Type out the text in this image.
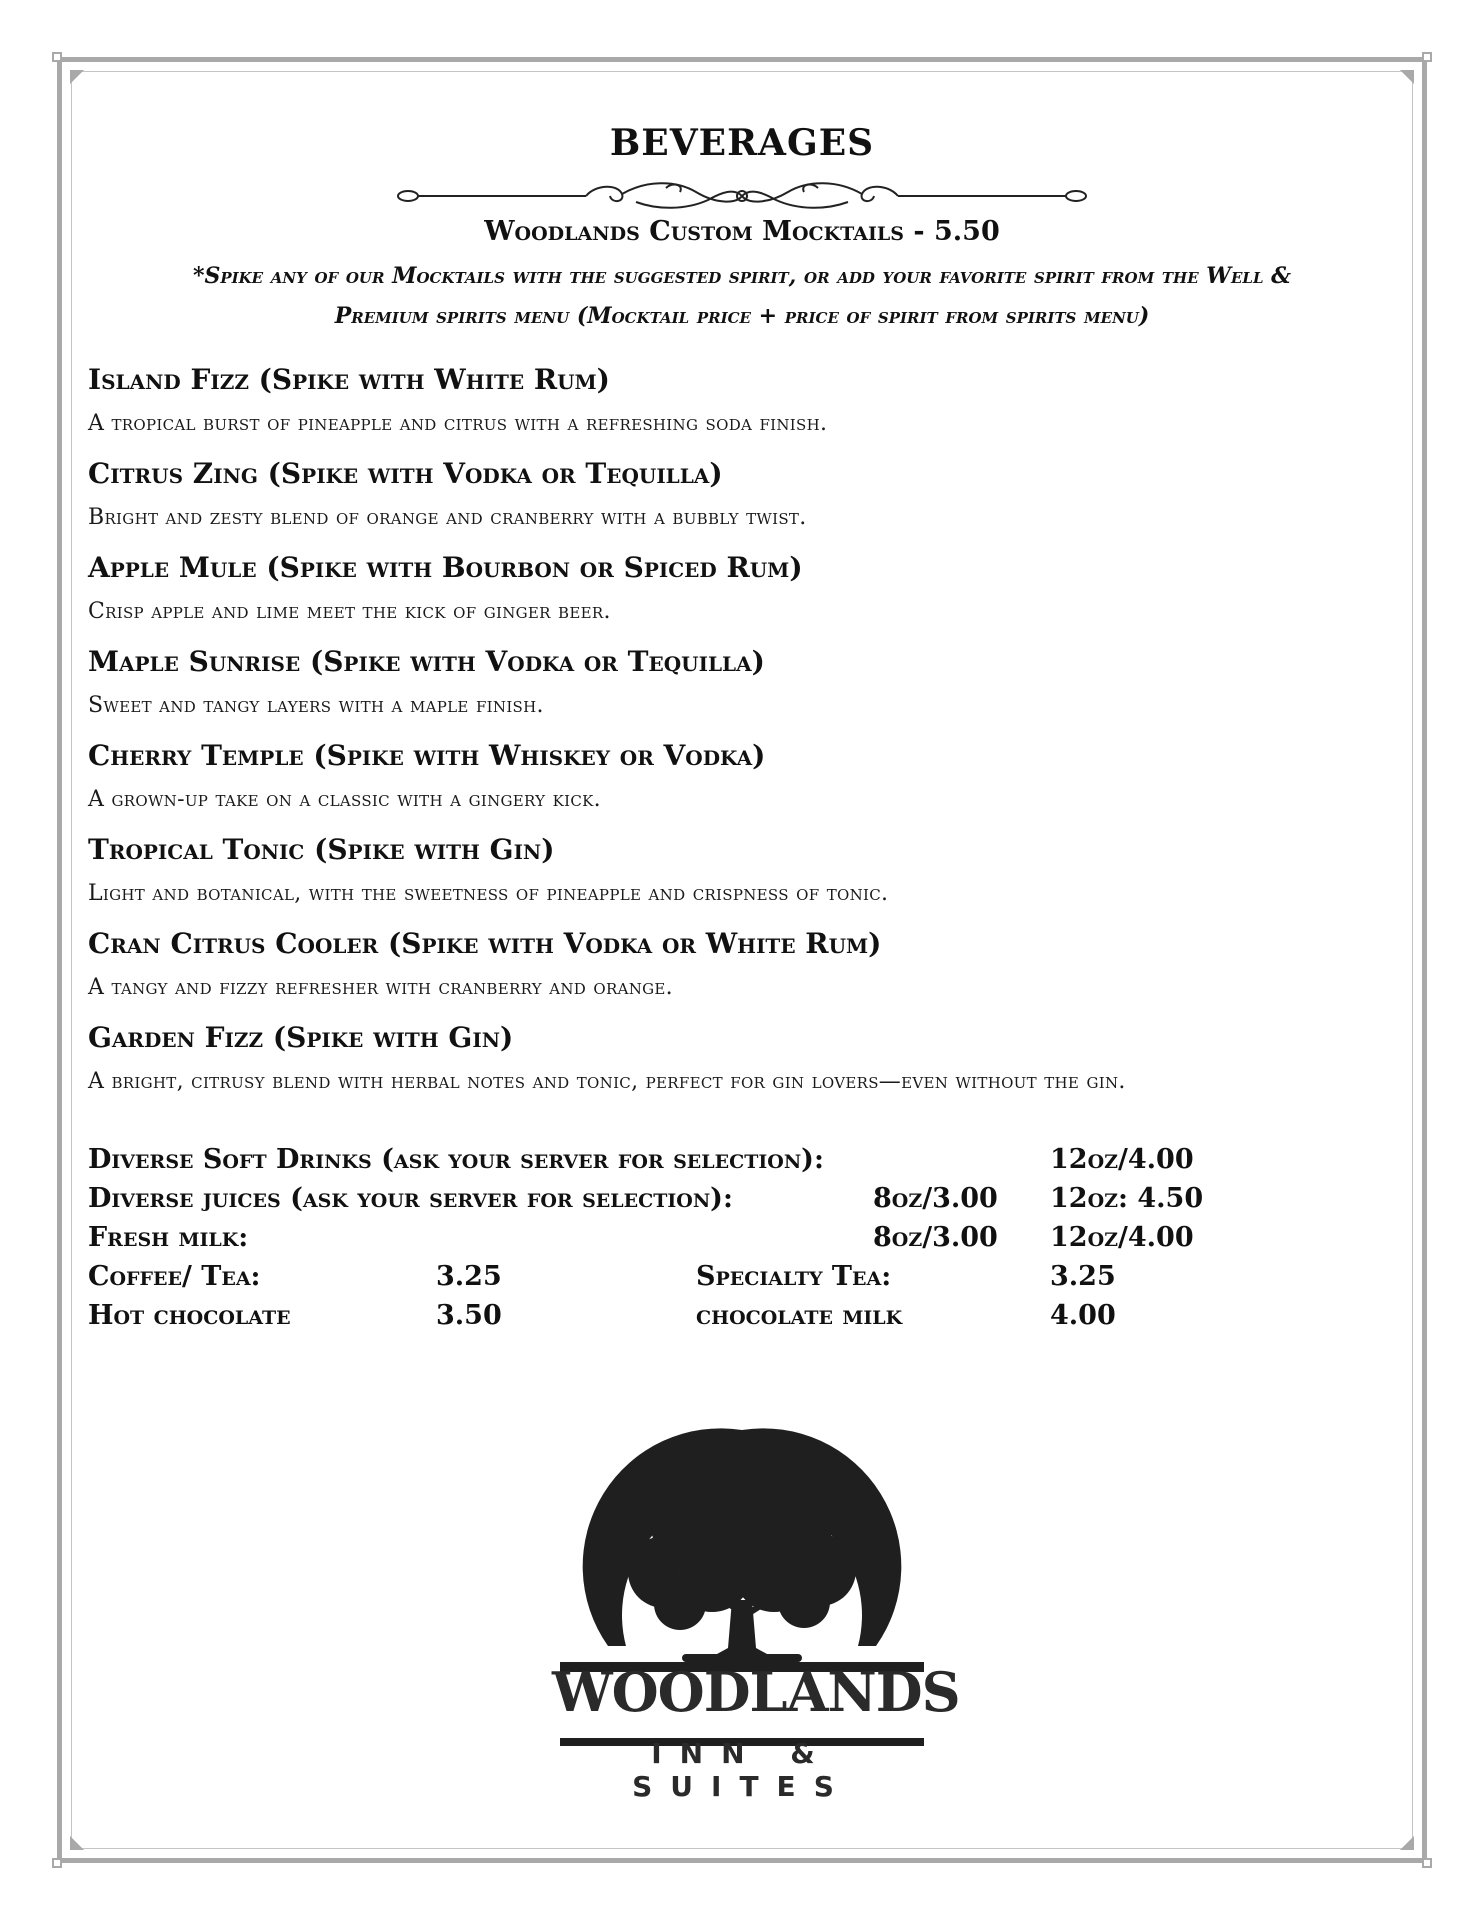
BEVERAGES
Woodlands Custom Mocktails - 5.50
*Spike any of our Mocktails with the suggested spirit, or add your favorite spirit from the Well &
Premium spirits menu (Mocktail price + price of spirit from spirits menu)
Island Fizz (Spike with White Rum)
A tropical burst of pineapple and citrus with a refreshing soda finish.
Citrus Zing (Spike with Vodka or Tequilla)
Bright and zesty blend of orange and cranberry with a bubbly twist.
Apple Mule (Spike with Bourbon or Spiced Rum)
Crisp apple and lime meet the kick of ginger beer.
Maple Sunrise (Spike with Vodka or Tequilla)
Sweet and tangy layers with a maple finish.
Cherry Temple (Spike with Whiskey or Vodka)
A grown-up take on a classic with a gingery kick.
Tropical Tonic (Spike with Gin)
Light and botanical, with the sweetness of pineapple and crispness of tonic.
Cran Citrus Cooler (Spike with Vodka or White Rum)
A tangy and fizzy refresher with cranberry and orange.
Garden Fizz (Spike with Gin)
A bright, citrusy blend with herbal notes and tonic, perfect for gin lovers—even without the gin.
Diverse Soft Drinks (ask your server for selection):	12oz/4.00
Diverse juices (ask your server for selection):	8oz/3.00 12oz: 4.50
Fresh milk:	8oz/3.00 12oz/4.00
Coffee/ Tea:	3.25	Specialty Tea:	3.25
Hot chocolate	3.50	chocolate milk	4.00
WOODLANDS
INN & SUITES
